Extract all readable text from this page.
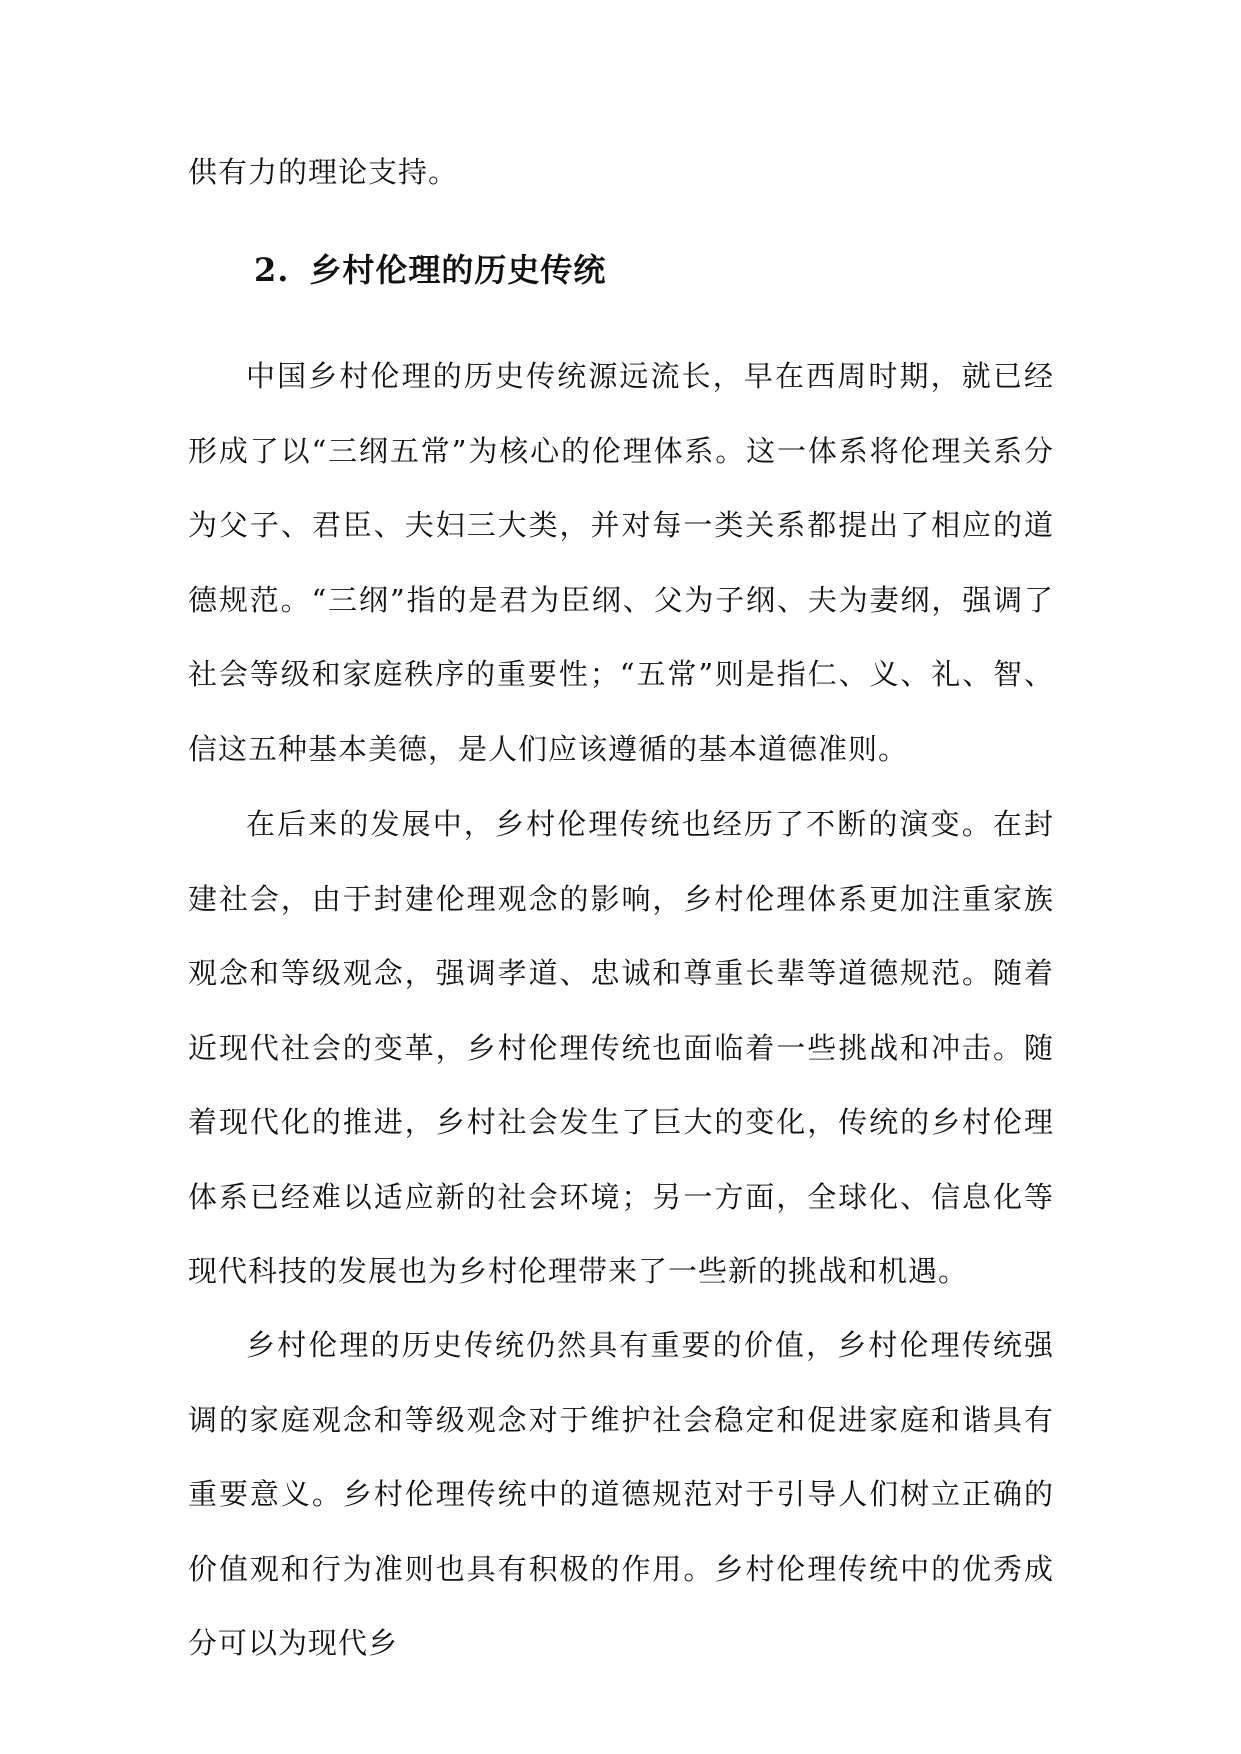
供有力的理论支持。

2. 乡村伦理的历史传统

中国乡村伦理的历史传统源远流长，早在西周时期，就已经形成了以“三纲五常”为核心的伦理体系。这一体系将伦理关系分为父子、君臣、夫妇三大类，并对每一类关系都提出了相应的道德规范。“三纲”指的是君为臣纲、父为子纲、夫为妻纲，强调了社会等级和家庭秩序的重要性；“五常”则是指仁、义、礼、智、信这五种基本美德，是人们应该遵循的基本道德准则。

在后来的发展中，乡村伦理传统也经历了不断的演变。在封建社会，由于封建伦理观念的影响，乡村伦理体系更加注重家族观念和等级观念，强调孝道、忠诚和尊重长辈等道德规范。随着近现代社会的变革，乡村伦理传统也面临着一些挑战和冲击。随着现代化的推进，乡村社会发生了巨大的变化，传统的乡村伦理体系已经难以适应新的社会环境；另一方面，全球化、信息化等现代科技的发展也为乡村伦理带来了一些新的挑战和机遇。

乡村伦理的历史传统仍然具有重要的价值，乡村伦理传统强调的家庭观念和等级观念对于维护社会稳定和促进家庭和谐具有重要意义。乡村伦理传统中的道德规范对于引导人们树立正确的价值观和行为准则也具有积极的作用。乡村伦理传统中的优秀成分可以为现代乡
